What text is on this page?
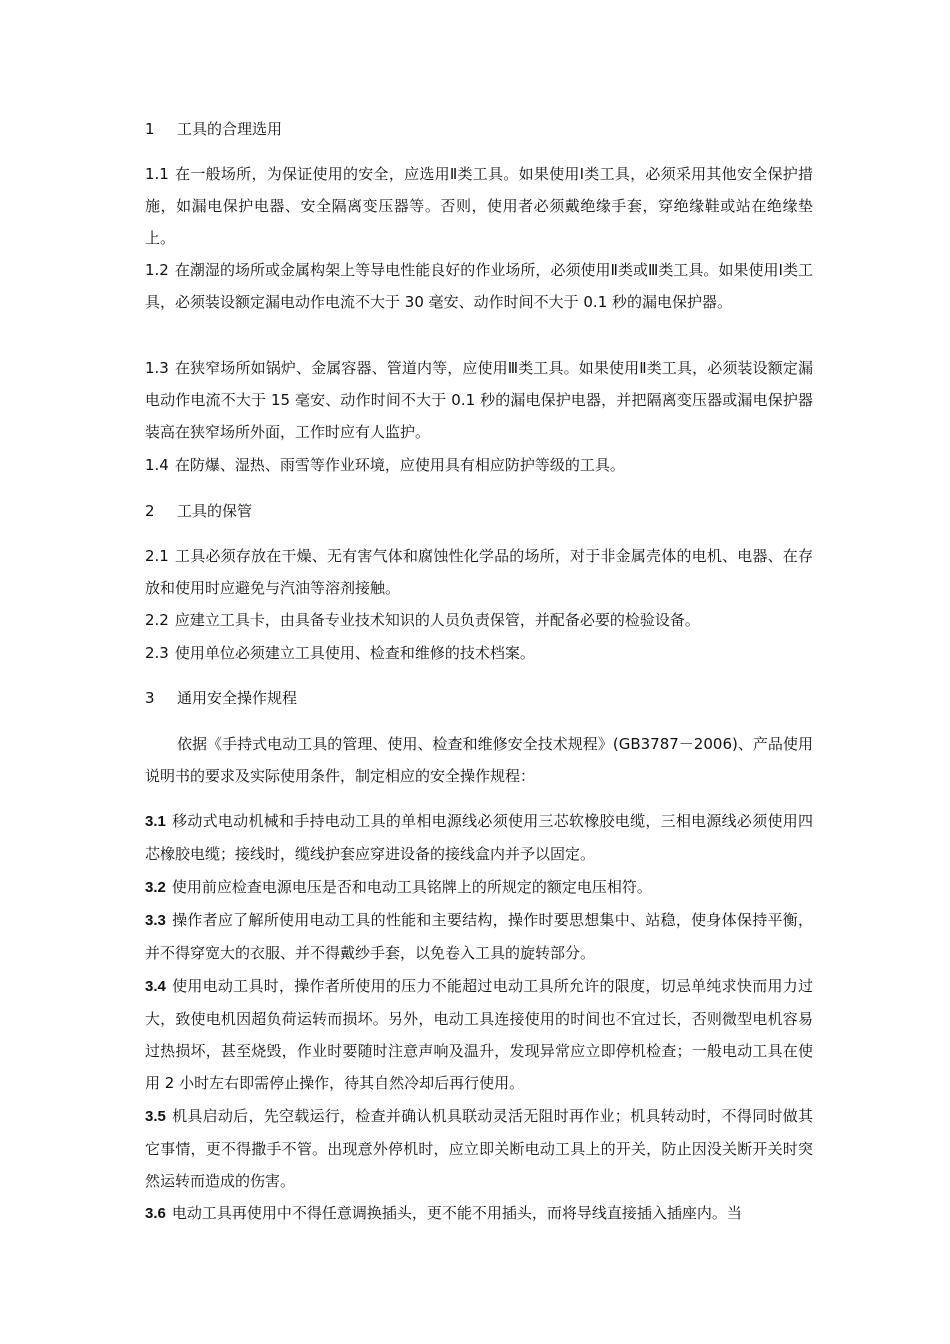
1 工具的合理选用
1.1 在一般场所，为保证使用的安全，应选用Ⅱ类工具。如果使用Ⅰ类工具，必须采用其他安全保护措施，如漏电保护电器、安全隔离变压器等。否则，使用者必须戴绝缘手套，穿绝缘鞋或站在绝缘垫上。
1.2 在潮湿的场所或金属构架上等导电性能良好的作业场所，必须使用Ⅱ类或Ⅲ类工具。如果使用Ⅰ类工具，必须装设额定漏电动作电流不大于 30 毫安、动作时间不大于 0.1 秒的漏电保护器。
1.3 在狭窄场所如锅炉、金属容器、管道内等，应使用Ⅲ类工具。如果使用Ⅱ类工具，必须装设额定漏电动作电流不大于 15 毫安、动作时间不大于 0.1 秒的漏电保护电器，并把隔离变压器或漏电保护器装高在狭窄场所外面，工作时应有人监护。
1.4 在防爆、湿热、雨雪等作业环境，应使用具有相应防护等级的工具。
2 工具的保管
2.1 工具必须存放在干燥、无有害气体和腐蚀性化学品的场所，对于非金属壳体的电机、电器、在存放和使用时应避免与汽油等溶剂接触。
2.2 应建立工具卡，由具备专业技术知识的人员负责保管，并配备必要的检验设备。
2.3 使用单位必须建立工具使用、检查和维修的技术档案。
3 通用安全操作规程
依据《手持式电动工具的管理、使用、检查和维修安全技术规程》(GB3787－2006)、产品使用说明书的要求及实际使用条件，制定相应的安全操作规程：
3.1 移动式电动机械和手持电动工具的单相电源线必须使用三芯软橡胶电缆，三相电源线必须使用四芯橡胶电缆；接线时，缆线护套应穿进设备的接线盒内并予以固定。
3.2 使用前应检查电源电压是否和电动工具铭牌上的所规定的额定电压相符。
3.3 操作者应了解所使用电动工具的性能和主要结构，操作时要思想集中、站稳，使身体保持平衡，并不得穿宽大的衣服、并不得戴纱手套，以免卷入工具的旋转部分。
3.4 使用电动工具时，操作者所使用的压力不能超过电动工具所允许的限度，切忌单纯求快而用力过大，致使电机因超负荷运转而损坏。另外，电动工具连接使用的时间也不宜过长，否则微型电机容易过热损坏，甚至烧毁，作业时要随时注意声响及温升，发现异常应立即停机检查；一般电动工具在使用 2 小时左右即需停止操作，待其自然冷却后再行使用。
3.5 机具启动后，先空载运行，检查并确认机具联动灵活无阻时再作业；机具转动时，不得同时做其它事情，更不得撒手不管。出现意外停机时，应立即关断电动工具上的开关，防止因没关断开关时突然运转而造成的伤害。
3.6 电动工具再使用中不得任意调换插头，更不能不用插头，而将导线直接插入插座内。当
